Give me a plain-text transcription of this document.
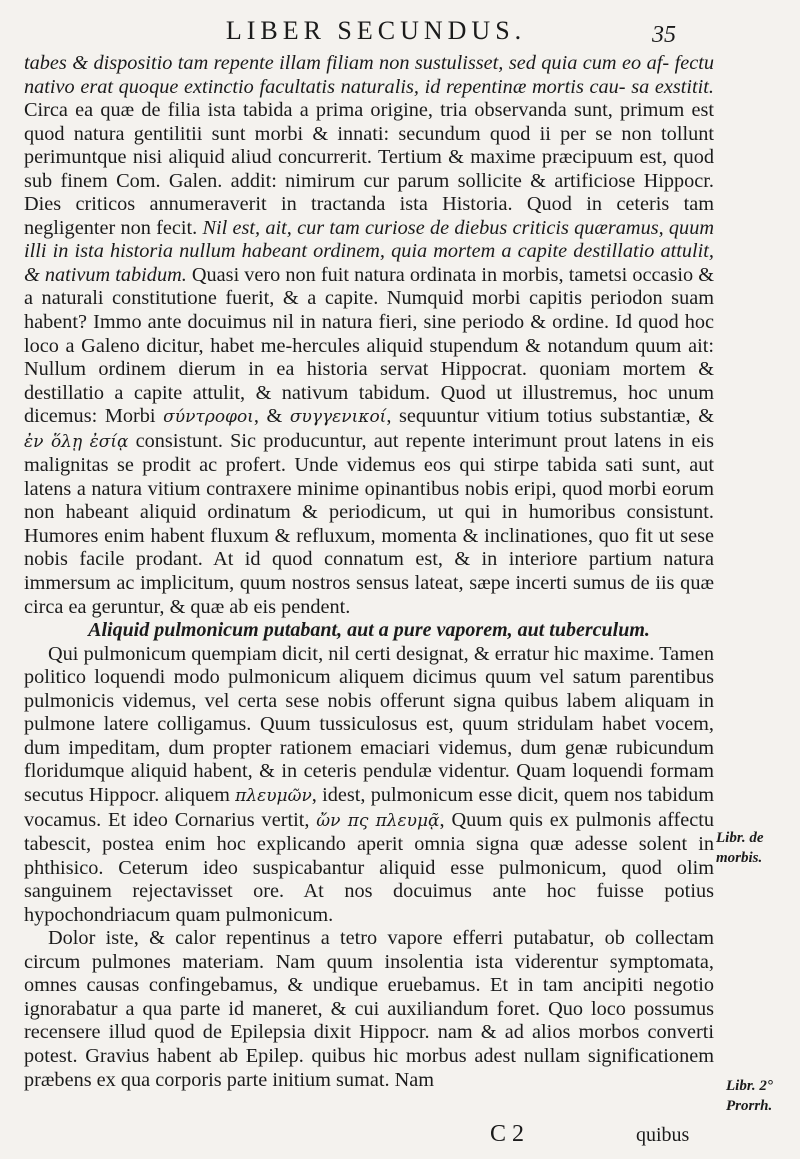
LIBER SECUNDUS.	35

tabes & dispositio tam repente illam filiam non sustulisset, sed quia cum eo af- fectu nativo erat quoque extinctio facultatis naturalis, id repentinæ mortis cau- sa exstitit. Circa ea quæ de filia ista tabida a prima origine, tria observanda sunt, primum est quod natura gentilitii sunt morbi & innati: secundum quod ii per se non tollunt perimuntque nisi aliquid aliud concurrerit. Tertium & maxime præcipuum est, quod sub finem Com. Galen. addit: nimirum cur parum sollicite & artificiose Hippocr. Dies criticos annumeraverit in tractanda ista Historia. Quod in ceteris tam negligenter non fecit. Nil est, ait, cur tam curiose de diebus criticis quæramus, quum illi in ista historia nullum habeant ordinem, quia mortem a capite destillatio attulit, & nativum tabidum. Quasi vero non fuit natura ordinata in morbis, tametsi occasio & a naturali constitutione fuerit, & a capite. Numquid morbi capitis periodon suam habent? Immo ante docuimus nil in natura fieri, sine periodo & ordine. Id quod hoc loco a Galeno dicitur, habet me-hercules aliquid stupendum & notandum quum ait: Nullum ordinem dierum in ea historia servat Hippocrat. quoniam mortem & destillatio a capite attulit, & nativum tabidum. Quod ut illustremus, hoc unum dicemus: Morbi σύντροφοι, & συγγενικοί, sequuntur vitium totius substantiæ, & ἐν ὅλῃ ἐσίᾳ consistunt. Sic producuntur, aut repente interimunt prout latens in eis malignitas se prodit ac profert. Unde videmus eos qui stirpe tabida sati sunt, aut latens a natura vitium contraxere minime opinantibus nobis eripi, quod morbi eorum non habeant aliquid ordinatum & periodicum, ut qui in humoribus consistunt. Humores enim habent fluxum & refluxum, momenta & inclinationes, quo fit ut sese nobis facile prodant. At id quod connatum est, & in interiore partium natura immersum ac implicitum, quum nostros sensus lateat, sæpe incerti sumus de iis quæ circa ea geruntur, & quæ ab eis pendent.

Aliquid pulmonicum putabant, aut a pure vaporem, aut tuberculum.

Qui pulmonicum quempiam dicit, nil certi designat, & erratur hic maxime. Tamen politico loquendi modo pulmonicum aliquem dicimus quum vel satum parentibus pulmonicis videmus, vel certa sese nobis offerunt signa quibus labem aliquam in pulmone latere colligamus. Quum tussiculosus est, quum stridulam habet vocem, dum impeditam, dum propter rationem emaciari videmus, dum genæ rubicundum floridumque aliquid habent, & in ceteris pendulæ videntur. Quam loquendi formam secutus Hippocr. aliquem πλευμῶν, idest, pulmonicum esse dicit, quem nos tabidum vocamus. Et ideo Cornarius vertit, ὤν πς πλευμᾷ, Quum quis ex pulmonis affectu tabescit, postea enim hoc explicando aperit omnia signa quæ adesse solent in phthisico. Ceterum ideo suspicabantur aliquid esse pulmonicum, quod olim sanguinem rejectavisset ore. At nos docuimus ante hoc fuisse potius hypochondriacum quam pulmonicum.

Dolor iste, & calor repentinus a tetro vapore efferri putabatur, ob collectam circum pulmones materiam. Nam quum insolentia ista viderentur symptomata, omnes causas confingebamus, & undique eruebamus. Et in tam ancipiti negotio ignorabatur a qua parte id maneret, & cui auxiliandum foret. Quo loco possumus recensere illud quod de Epilepsia dixit Hippocr. nam & ad alios morbos converti potest. Gravius habent ab Epilep. quibus hic morbus adest nullam significationem præbens ex qua corporis parte initium sumat. Nam

Libr. de morbis.
Libr. 2° Prorrh.
C 2	quibus
